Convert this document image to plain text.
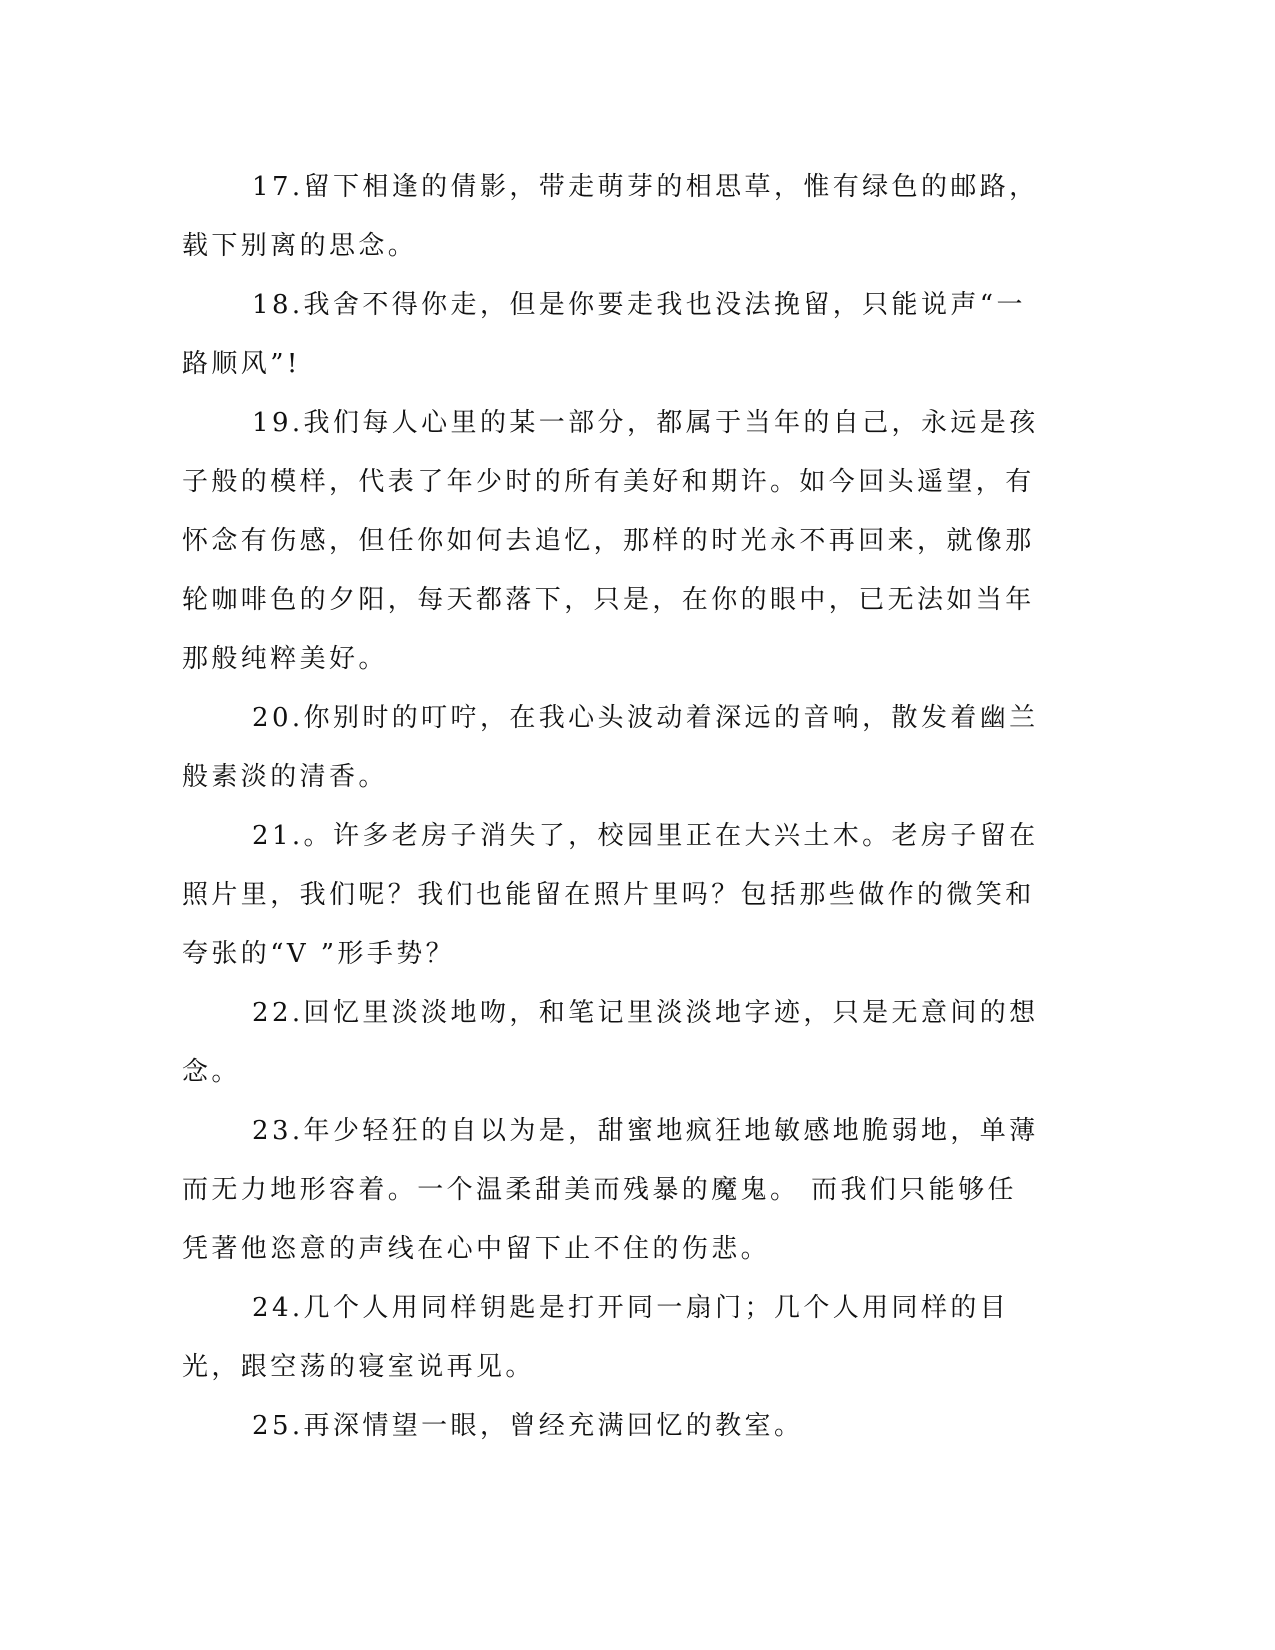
17.留下相逢的倩影，带走萌芽的相思草，惟有绿色的邮路，载下别离的思念。

18.我舍不得你走，但是你要走我也没法挽留，只能说声“一路顺风”!

19.我们每人心里的某一部分，都属于当年的自己，永远是孩子般的模样，代表了年少时的所有美好和期许。如今回头遥望，有怀念有伤感，但任你如何去追忆，那样的时光永不再回来，就像那轮咖啡色的夕阳，每天都落下，只是，在你的眼中，已无法如当年那般纯粹美好。

20.你别时的叮咛，在我心头波动着深远的音响，散发着幽兰般素淡的清香。

21.。许多老房子消失了，校园里正在大兴土木。老房子留在照片里，我们呢？我们也能留在照片里吗？包括那些做作的微笑和夸张的“V ”形手势？

22.回忆里淡淡地吻，和笔记里淡淡地字迹，只是无意间的想念。

23.年少轻狂的自以为是，甜蜜地疯狂地敏感地脆弱地，单薄而无力地形容着。一个温柔甜美而残暴的魔鬼。 而我们只能够任凭著他恣意的声线在心中留下止不住的伤悲。

24.几个人用同样钥匙是打开同一扇门；几个人用同样的目光，跟空荡的寝室说再见。

25.再深情望一眼，曾经充满回忆的教室。
